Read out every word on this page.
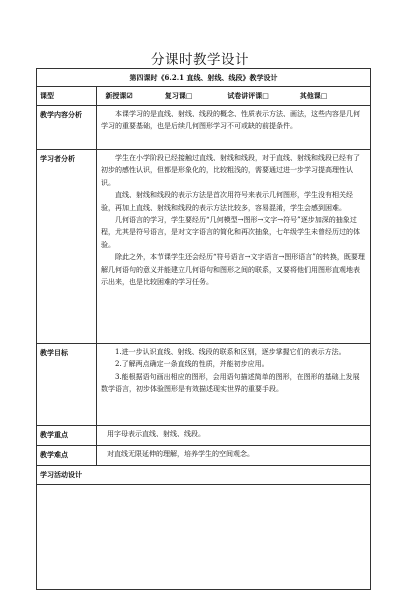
分课时教学设计
第四课时《6.2.1 直线、射线、线段》教学设计	
课型	新授课☑ 复习课□ 试卷讲评课□ 其他课□
教学内容分析	本课学习的是直线、射线、线段的概念、性质表示方法、画法，这些内容是几何学习的重要基础，也是后续几何图形学习不可或缺的前提条件。

学习者分析	学生在小学阶段已经接触过直线、射线和线段，对于直线、射线和线段已经有了初步的感性认识，但都是形象化的，比较粗浅的，需要通过进一步学习提高理性认识。

直线、射线和线段的表示方法是首次用符号来表示几何图形，学生没有相关经验，再加上直线、射线和线段的表示方法比较多，容易混淆，学生会感到困难。

几何语言的学习，学生要经历“几何模型→图形→文字→符号”逐步加深的抽象过程，尤其是符号语言，是对文字语言的简化和再次抽象，七年级学生未曾经历过的体验。

除此之外，本节课学生还会经历“符号语言→文字语言→图形语言”的转换，既要理解几何语句的意义并能建立几何语句和图形之间的联系，又要将他们用图形直观地表示出来，也是比较困难的学习任务。

教学目标	1.进一步认识直线、射线、线段的联系和区别，逐步掌握它们的表示方法。

2.了解两点确定一条直线的性质，并能初步应用。

3.能根据语句画出相应的图形，会用语句描述简单的图形，在图形的基础上发展数学语言，初步体验图形是有效描述现实世界的重要手段。

教学重点	用字母表示直线、射线、线段。

教学难点	对直线无限延伸的理解，培养学生的空间观念。

学习活动设计	
